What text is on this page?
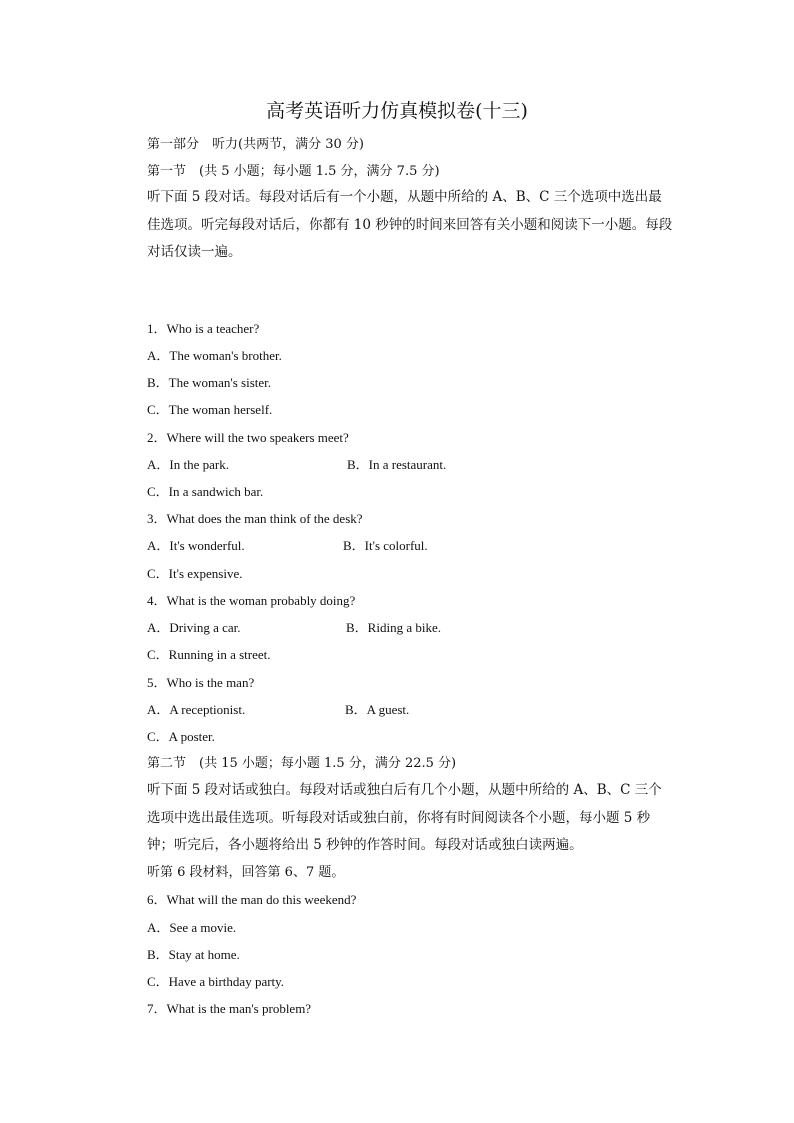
高考英语听力仿真模拟卷(十三)
第一部分　听力(共两节，满分 30 分)
第一节　(共 5 小题；每小题 1.5 分，满分 7.5 分)
听下面 5 段对话。每段对话后有一个小题，从题中所给的 A、B、C 三个选项中选出最佳选项。听完每段对话后，你都有 10 秒钟的时间来回答有关小题和阅读下一小题。每段对话仅读一遍。
1．Who is a teacher?
A．The woman's brother.
B．The woman's sister.
C．The woman herself.
2．Where will the two speakers meet?
A．In the park.	B．In a restaurant.
C．In a sandwich bar.
3．What does the man think of the desk?
A．It's wonderful.	B．It's colorful.
C．It's expensive.
4．What is the woman probably doing?
A．Driving a car.	B．Riding a bike.
C．Running in a street.
5．Who is the man?
A．A receptionist.	B．A guest.
C．A poster.
第二节　(共 15 小题；每小题 1.5 分，满分 22.5 分)
听下面 5 段对话或独白。每段对话或独白后有几个小题，从题中所给的 A、B、C 三个选项中选出最佳选项。听每段对话或独白前，你将有时间阅读各个小题，每小题 5 秒钟；听完后，各小题将给出 5 秒钟的作答时间。每段对话或独白读两遍。
听第 6 段材料，回答第 6、7 题。
6．What will the man do this weekend?
A．See a movie.
B．Stay at home.
C．Have a birthday party.
7．What is the man's problem?
